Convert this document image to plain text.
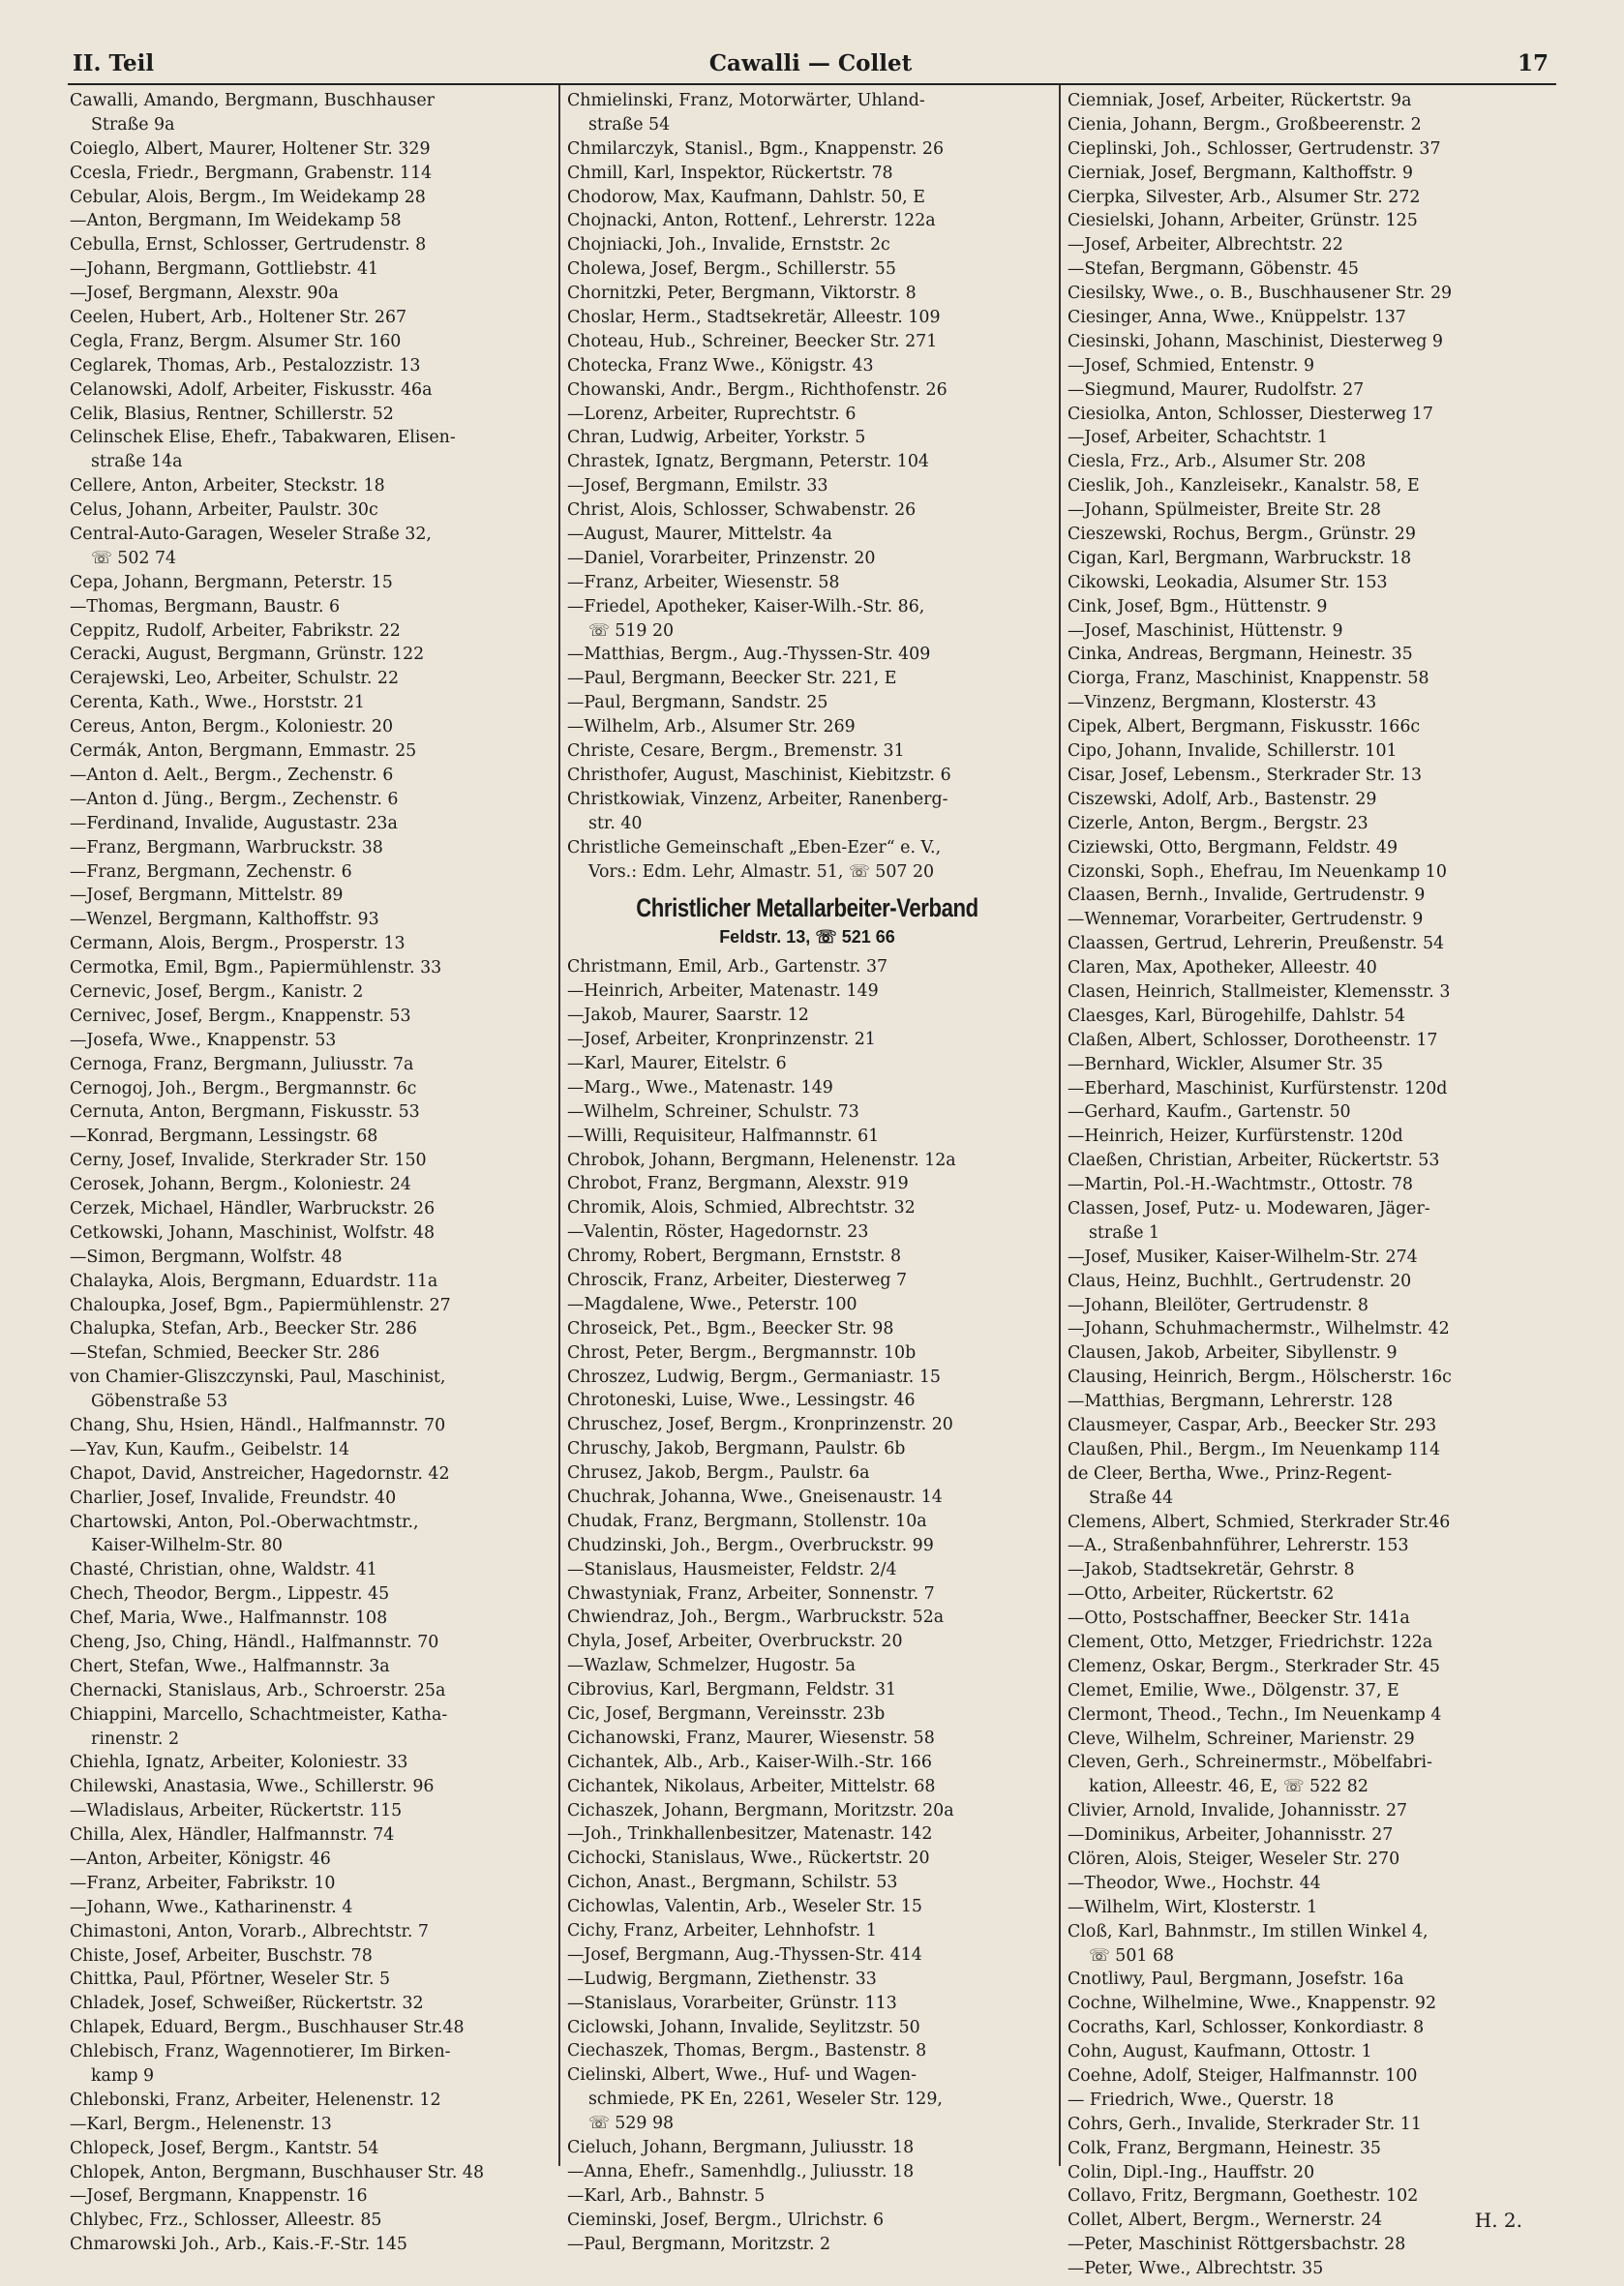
II. Teil	Cawalli — Collet	17
Cawalli, Amando, Bergmann, Buschhauser
Straße 9a
Coieglo, Albert, Maurer, Holtener Str. 329
Ccesla, Friedr., Bergmann, Grabenstr. 114
Cebular, Alois, Bergm., Im Weidekamp 28
—Anton, Bergmann, Im Weidekamp 58
Cebulla, Ernst, Schlosser, Gertrudenstr. 8
—Johann, Bergmann, Gottliebstr. 41
—Josef, Bergmann, Alexstr. 90a
Ceelen, Hubert, Arb., Holtener Str. 267
Cegla, Franz, Bergm. Alsumer Str. 160
Ceglarek, Thomas, Arb., Pestalozzistr. 13
Celanowski, Adolf, Arbeiter, Fiskusstr. 46a
Celik, Blasius, Rentner, Schillerstr. 52
Celinschek Elise, Ehefr., Tabakwaren, Elisen-
straße 14a
Cellere, Anton, Arbeiter, Steckstr. 18
Celus, Johann, Arbeiter, Paulstr. 30c
Central-Auto-Garagen, Weseler Straße 32,
☏ 502 74
Cepa, Johann, Bergmann, Peterstr. 15
—Thomas, Bergmann, Baustr. 6
Ceppitz, Rudolf, Arbeiter, Fabrikstr. 22
Ceracki, August, Bergmann, Grünstr. 122
Cerajewski, Leo, Arbeiter, Schulstr. 22
Cerenta, Kath., Wwe., Horststr. 21
Cereus, Anton, Bergm., Koloniestr. 20
Cermák, Anton, Bergmann, Emmastr. 25
—Anton d. Aelt., Bergm., Zechenstr. 6
—Anton d. Jüng., Bergm., Zechenstr. 6
—Ferdinand, Invalide, Augustastr. 23a
—Franz, Bergmann, Warbruckstr. 38
—Franz, Bergmann, Zechenstr. 6
—Josef, Bergmann, Mittelstr. 89
—Wenzel, Bergmann, Kalthoffstr. 93
Cermann, Alois, Bergm., Prosperstr. 13
Cermotka, Emil, Bgm., Papiermühlenstr. 33
Cernevic, Josef, Bergm., Kanistr. 2
Cernivec, Josef, Bergm., Knappenstr. 53
—Josefa, Wwe., Knappenstr. 53
Cernoga, Franz, Bergmann, Juliusstr. 7a
Cernogoj, Joh., Bergm., Bergmannstr. 6c
Cernuta, Anton, Bergmann, Fiskusstr. 53
—Konrad, Bergmann, Lessingstr. 68
Cerny, Josef, Invalide, Sterkrader Str. 150
Cerosek, Johann, Bergm., Koloniestr. 24
Cerzek, Michael, Händler, Warbruckstr. 26
Cetkowski, Johann, Maschinist, Wolfstr. 48
—Simon, Bergmann, Wolfstr. 48
Chalayka, Alois, Bergmann, Eduardstr. 11a
Chaloupka, Josef, Bgm., Papiermühlenstr. 27
Chalupka, Stefan, Arb., Beecker Str. 286
—Stefan, Schmied, Beecker Str. 286
von Chamier-Gliszczynski, Paul, Maschinist,
Göbenstraße 53
Chang, Shu, Hsien, Händl., Halfmannstr. 70
—Yav, Kun, Kaufm., Geibelstr. 14
Chapot, David, Anstreicher, Hagedornstr. 42
Charlier, Josef, Invalide, Freundstr. 40
Chartowski, Anton, Pol.-Oberwachtmstr.,
Kaiser-Wilhelm-Str. 80
Chasté, Christian, ohne, Waldstr. 41
Chech, Theodor, Bergm., Lippestr. 45
Chef, Maria, Wwe., Halfmannstr. 108
Cheng, Jso, Ching, Händl., Halfmannstr. 70
Chert, Stefan, Wwe., Halfmannstr. 3a
Chernacki, Stanislaus, Arb., Schroerstr. 25a
Chiappini, Marcello, Schachtmeister, Katha-
rinenstr. 2
Chiehla, Ignatz, Arbeiter, Koloniestr. 33
Chilewski, Anastasia, Wwe., Schillerstr. 96
—Wladislaus, Arbeiter, Rückertstr. 115
Chilla, Alex, Händler, Halfmannstr. 74
—Anton, Arbeiter, Königstr. 46
—Franz, Arbeiter, Fabrikstr. 10
—Johann, Wwe., Katharinenstr. 4
Chimastoni, Anton, Vorarb., Albrechtstr. 7
Chiste, Josef, Arbeiter, Buschstr. 78
Chittka, Paul, Pförtner, Weseler Str. 5
Chladek, Josef, Schweißer, Rückertstr. 32
Chlapek, Eduard, Bergm., Buschhauser Str.48
Chlebisch, Franz, Wagennotierer, Im Birken-
kamp 9
Chlebonski, Franz, Arbeiter, Helenenstr. 12
—Karl, Bergm., Helenenstr. 13
Chlopeck, Josef, Bergm., Kantstr. 54
Chlopek, Anton, Bergmann, Buschhauser Str. 48
—Josef, Bergmann, Knappenstr. 16
Chlybec, Frz., Schlosser, Alleestr. 85
Chmarowski Joh., Arb., Kais.-F.-Str. 145
Chmielinski, Franz, Motorwärter, Uhland-
straße 54
Chmilarczyk, Stanisl., Bgm., Knappenstr. 26
Chmill, Karl, Inspektor, Rückertstr. 78
Chodorow, Max, Kaufmann, Dahlstr. 50, E
Chojnacki, Anton, Rottenf., Lehrerstr. 122a
Chojniacki, Joh., Invalide, Ernststr. 2c
Cholewa, Josef, Bergm., Schillerstr. 55
Chornitzki, Peter, Bergmann, Viktorstr. 8
Choslar, Herm., Stadtsekretär, Alleestr. 109
Choteau, Hub., Schreiner, Beecker Str. 271
Chotecka, Franz Wwe., Königstr. 43
Chowanski, Andr., Bergm., Richthofenstr. 26
—Lorenz, Arbeiter, Ruprechtstr. 6
Chran, Ludwig, Arbeiter, Yorkstr. 5
Chrastek, Ignatz, Bergmann, Peterstr. 104
—Josef, Bergmann, Emilstr. 33
Christ, Alois, Schlosser, Schwabenstr. 26
—August, Maurer, Mittelstr. 4a
—Daniel, Vorarbeiter, Prinzenstr. 20
—Franz, Arbeiter, Wiesenstr. 58
—Friedel, Apotheker, Kaiser-Wilh.-Str. 86,
☏ 519 20
—Matthias, Bergm., Aug.-Thyssen-Str. 409
—Paul, Bergmann, Beecker Str. 221, E
—Paul, Bergmann, Sandstr. 25
—Wilhelm, Arb., Alsumer Str. 269
Christe, Cesare, Bergm., Bremenstr. 31
Christhofer, August, Maschinist, Kiebitzstr. 6
Christkowiak, Vinzenz, Arbeiter, Ranenberg-
str. 40
Christliche Gemeinschaft „Eben-Ezer“ e. V.,
Vors.: Edm. Lehr, Almastr. 51, ☏ 507 20
Christlicher Metallarbeiter-Verband
Feldstr. 13, ☏ 521 66
Christmann, Emil, Arb., Gartenstr. 37
—Heinrich, Arbeiter, Matenastr. 149
—Jakob, Maurer, Saarstr. 12
—Josef, Arbeiter, Kronprinzenstr. 21
—Karl, Maurer, Eitelstr. 6
—Marg., Wwe., Matenastr. 149
—Wilhelm, Schreiner, Schulstr. 73
—Willi, Requisiteur, Halfmannstr. 61
Chrobok, Johann, Bergmann, Helenenstr. 12a
Chrobot, Franz, Bergmann, Alexstr. 919
Chromik, Alois, Schmied, Albrechtstr. 32
—Valentin, Röster, Hagedornstr. 23
Chromy, Robert, Bergmann, Ernststr. 8
Chroscik, Franz, Arbeiter, Diesterweg 7
—Magdalene, Wwe., Peterstr. 100
Chroseick, Pet., Bgm., Beecker Str. 98
Chrost, Peter, Bergm., Bergmannstr. 10b
Chroszez, Ludwig, Bergm., Germaniastr. 15
Chrotoneski, Luise, Wwe., Lessingstr. 46
Chruschez, Josef, Bergm., Kronprinzenstr. 20
Chruschy, Jakob, Bergmann, Paulstr. 6b
Chrusez, Jakob, Bergm., Paulstr. 6a
Chuchrak, Johanna, Wwe., Gneisenaustr. 14
Chudak, Franz, Bergmann, Stollenstr. 10a
Chudzinski, Joh., Bergm., Overbruckstr. 99
—Stanislaus, Hausmeister, Feldstr. 2/4
Chwastyniak, Franz, Arbeiter, Sonnenstr. 7
Chwiendraz, Joh., Bergm., Warbruckstr. 52a
Chyla, Josef, Arbeiter, Overbruckstr. 20
—Wazlaw, Schmelzer, Hugostr. 5a
Cibrovius, Karl, Bergmann, Feldstr. 31
Cic, Josef, Bergmann, Vereinsstr. 23b
Cichanowski, Franz, Maurer, Wiesenstr. 58
Cichantek, Alb., Arb., Kaiser-Wilh.-Str. 166
Cichantek, Nikolaus, Arbeiter, Mittelstr. 68
Cichaszek, Johann, Bergmann, Moritzstr. 20a
—Joh., Trinkhallenbesitzer, Matenastr. 142
Cichocki, Stanislaus, Wwe., Rückertstr. 20
Cichon, Anast., Bergmann, Schilstr. 53
Cichowlas, Valentin, Arb., Weseler Str. 15
Cichy, Franz, Arbeiter, Lehnhofstr. 1
—Josef, Bergmann, Aug.-Thyssen-Str. 414
—Ludwig, Bergmann, Ziethenstr. 33
—Stanislaus, Vorarbeiter, Grünstr. 113
Ciclowski, Johann, Invalide, Seylitzstr. 50
Ciechaszek, Thomas, Bergm., Bastenstr. 8
Cielinski, Albert, Wwe., Huf- und Wagen-
schmiede, PK En, 2261, Weseler Str. 129,
☏ 529 98
Cieluch, Johann, Bergmann, Juliusstr. 18
—Anna, Ehefr., Samenhdlg., Juliusstr. 18
—Karl, Arb., Bahnstr. 5
Cieminski, Josef, Bergm., Ulrichstr. 6
—Paul, Bergmann, Moritzstr. 2
Ciemniak, Josef, Arbeiter, Rückertstr. 9a
Cienia, Johann, Bergm., Großbeerenstr. 2
Cieplinski, Joh., Schlosser, Gertrudenstr. 37
Cierniak, Josef, Bergmann, Kalthoffstr. 9
Cierpka, Silvester, Arb., Alsumer Str. 272
Ciesielski, Johann, Arbeiter, Grünstr. 125
—Josef, Arbeiter, Albrechtstr. 22
—Stefan, Bergmann, Göbenstr. 45
Ciesilsky, Wwe., o. B., Buschhausener Str. 29
Ciesinger, Anna, Wwe., Knüppelstr. 137
Ciesinski, Johann, Maschinist, Diesterweg 9
—Josef, Schmied, Entenstr. 9
—Siegmund, Maurer, Rudolfstr. 27
Ciesiolka, Anton, Schlosser, Diesterweg 17
—Josef, Arbeiter, Schachtstr. 1
Ciesla, Frz., Arb., Alsumer Str. 208
Cieslik, Joh., Kanzleisekr., Kanalstr. 58, E
—Johann, Spülmeister, Breite Str. 28
Cieszewski, Rochus, Bergm., Grünstr. 29
Cigan, Karl, Bergmann, Warbruckstr. 18
Cikowski, Leokadia, Alsumer Str. 153
Cink, Josef, Bgm., Hüttenstr. 9
—Josef, Maschinist, Hüttenstr. 9
Cinka, Andreas, Bergmann, Heinestr. 35
Ciorga, Franz, Maschinist, Knappenstr. 58
—Vinzenz, Bergmann, Klosterstr. 43
Cipek, Albert, Bergmann, Fiskusstr. 166c
Cipo, Johann, Invalide, Schillerstr. 101
Cisar, Josef, Lebensm., Sterkrader Str. 13
Ciszewski, Adolf, Arb., Bastenstr. 29
Cizerle, Anton, Bergm., Bergstr. 23
Ciziewski, Otto, Bergmann, Feldstr. 49
Cizonski, Soph., Ehefrau, Im Neuenkamp 10
Claasen, Bernh., Invalide, Gertrudenstr. 9
—Wennemar, Vorarbeiter, Gertrudenstr. 9
Claassen, Gertrud, Lehrerin, Preußenstr. 54
Claren, Max, Apotheker, Alleestr. 40
Clasen, Heinrich, Stallmeister, Klemensstr. 3
Claesges, Karl, Bürogehilfe, Dahlstr. 54
Claßen, Albert, Schlosser, Dorotheenstr. 17
—Bernhard, Wickler, Alsumer Str. 35
—Eberhard, Maschinist, Kurfürstenstr. 120d
—Gerhard, Kaufm., Gartenstr. 50
—Heinrich, Heizer, Kurfürstenstr. 120d
Claeßen, Christian, Arbeiter, Rückertstr. 53
—Martin, Pol.-H.-Wachtmstr., Ottostr. 78
Classen, Josef, Putz- u. Modewaren, Jäger-
straße 1
—Josef, Musiker, Kaiser-Wilhelm-Str. 274
Claus, Heinz, Buchhlt., Gertrudenstr. 20
—Johann, Bleilöter, Gertrudenstr. 8
—Johann, Schuhmachermstr., Wilhelmstr. 42
Clausen, Jakob, Arbeiter, Sibyllenstr. 9
Clausing, Heinrich, Bergm., Hölscherstr. 16c
—Matthias, Bergmann, Lehrerstr. 128
Clausmeyer, Caspar, Arb., Beecker Str. 293
Claußen, Phil., Bergm., Im Neuenkamp 114
de Cleer, Bertha, Wwe., Prinz-Regent-
Straße 44
Clemens, Albert, Schmied, Sterkrader Str.46
—A., Straßenbahnführer, Lehrerstr. 153
—Jakob, Stadtsekretär, Gehrstr. 8
—Otto, Arbeiter, Rückertstr. 62
—Otto, Postschaffner, Beecker Str. 141a
Clement, Otto, Metzger, Friedrichstr. 122a
Clemenz, Oskar, Bergm., Sterkrader Str. 45
Clemet, Emilie, Wwe., Dölgenstr. 37, E
Clermont, Theod., Techn., Im Neuenkamp 4
Cleve, Wilhelm, Schreiner, Marienstr. 29
Cleven, Gerh., Schreinermstr., Möbelfabri-
kation, Alleestr. 46, E, ☏ 522 82
Clivier, Arnold, Invalide, Johannisstr. 27
—Dominikus, Arbeiter, Johannisstr. 27
Clören, Alois, Steiger, Weseler Str. 270
—Theodor, Wwe., Hochstr. 44
—Wilhelm, Wirt, Klosterstr. 1
Cloß, Karl, Bahnmstr., Im stillen Winkel 4,
☏ 501 68
Cnotliwy, Paul, Bergmann, Josefstr. 16a
Cochne, Wilhelmine, Wwe., Knappenstr. 92
Cocraths, Karl, Schlosser, Konkordiastr. 8
Cohn, August, Kaufmann, Ottostr. 1
Coehne, Adolf, Steiger, Halfmannstr. 100
— Friedrich, Wwe., Querstr. 18
Cohrs, Gerh., Invalide, Sterkrader Str. 11
Colk, Franz, Bergmann, Heinestr. 35
Colin, Dipl.-Ing., Hauffstr. 20
Collavo, Fritz, Bergmann, Goethestr. 102
Collet, Albert, Bergm., Wernerstr. 24
—Peter, Maschinist Röttgersbachstr. 28
—Peter, Wwe., Albrechtstr. 35
H. 2.
